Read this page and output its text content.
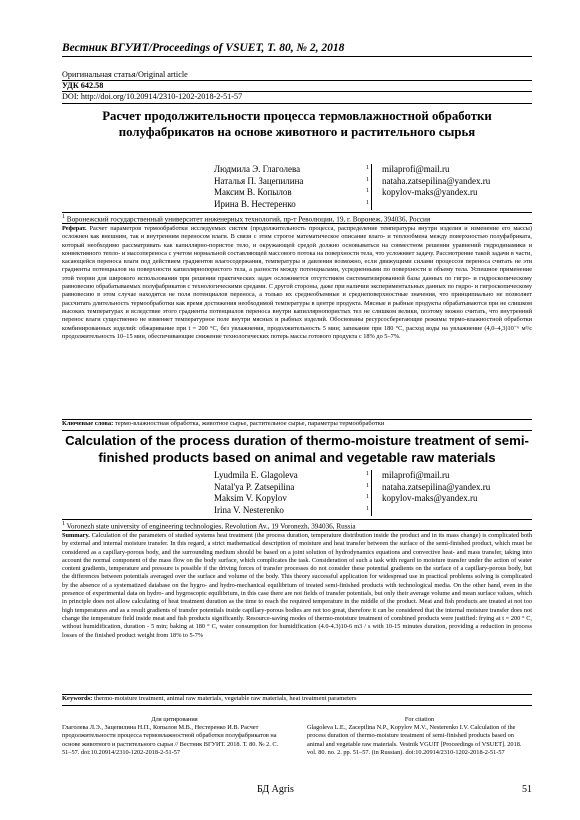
Вестник ВГУИТ/Proceedings of VSUET, Т. 80, № 2, 2018
Оригинальная статья/Original article
УДК 642.58
DOI: http://doi.org/10.20914/2310-1202-2018-2-51-57
Расчет продолжительности процесса термовлажностной обработки полуфабрикатов на основе животного и растительного сырья
Людмила Э. Глаголева	1	milaprofi@mail.ru
Наталья П. Зацепилина	1	nataha.zatsepilina@yandex.ru
Максим В. Копылов	1	kopylov-maks@yandex.ru
Ирина В. Нестеренко	1
$^1$ Воронежский государственный университет инженерных технологий, пр-т Революции, 19, г. Воронеж, 394036, Россия
Реферат. Расчет параметров термообработки исследуемых систем (продолжительность процесса, распределение температуры внутри изделия и изменение его массы) осложнен как внешним, так и внутренним переносом влаги. В связи с этим строгое математическое описание влаго- и теплообмена между поверхностью полуфабриката, который необходимо рассматривать как капиллярно-пористое тело, и окружающей средой должно основываться на совместном решении уравнений гидродинамики и конвективного тепло- и массопереноса с учетом нормальной составляющей массового потока на поверхности тела, что усложняет задачу. Рассмотрение такой задачи в части, касающейся переноса влаги под действием градиентов влагосодержания, температуры и давления возможно, если движущими силами процессов переноса считать не эти градиенты потенциалов на поверхности капиллярнопористого тела, а разности между потенциалами, усредненными по поверхности и объему тела. Успешное применение этой теории для широкого использования при решении практических задач осложняется отсутствием систематизированной базы данных по гигро- и гидроскопическому равновесию обрабатываемых полуфабрикатов с технологическими средами. С другой стороны, даже при наличии экспериментальных данных по гидро- и гигроскопическому равновесию в этом случае находятся не поля потенциалов переноса, а только их среднеобъемные и среднеповерхностные значения, что принципиально не позволяет рассчитать длительность термообработки как время достижения необходимой температуры в центре продукта. Мясные и рыбные продукты обрабатываются при не слишком высоких температурах и вследствие этого градиенты потенциалов переноса внутри капиллярнопористых тел не слишком велики, поэтому можно считать, что внутренний перенос влаги существенно не изменяет температурное поле внутри мясных и рыбных изделий. Обоснованы ресурсосберегающие режимы термо-влажностной обработки комбинированных изделий: обжаривание при t = 200 °С, без увлажнения, продолжительность 5 мин; запекание при 180 °С, расход воды на увлажнение (4,0–4,3)10⁻⁶ м³/с продолжительность 10–15 мин, обеспечивающие снижение технологических потерь массы готового продукта с 18% до 5–7%.
Ключевые слова: термо-влажностная обработка, животное сырье, растительное сырье, параметры термообработки
Calculation of the process duration of thermo-moisture treatment of semi-finished products based on animal and vegetable raw materials
Lyudmila E. Glagoleva	1	milaprofi@mail.ru
Natal'ya P. Zatsepilina	1	nataha.zatsepilina@yandex.ru
Maksim V. Kopylov	1	kopylov-maks@yandex.ru
Irina V. Nesterenko	1
$^1$ Voronezh state university of engineering technologies, Revolution Av., 19 Voronezh, 394036, Russia
Summary. Calculation of the parameters of studied systems heat treatment (the process duration, temperature distribution inside the product and in its mass change) is complicated both by external and internal moisture transfer. In this regard, a strict mathematical description of moisture and heat transfer between the surface of the semi-finished product, which must be considered as a capillary-porous body, and the surrounding medium should be based on a joint solution of hydrodynamics equations and convective heat- and mass transfer, taking into account the normal component of the mass flow on the body surface, which complicates the task. Consideration of such a task with regard to moisture transfer under the action of water content gradients, temperature and pressure is possible if the driving forces of transfer processes do not consider these potential gradients on the surface of a capillary-porous body, but the differences between potentials averaged over the surface and volume of the body. This theory successful application for widespread use in practical problems solving is complicated by the absence of a systematized database on the hygro- and hydro-mechanical equilibrium of treated semi-finished products with technological media. On the other hand, even in the presence of experimental data on hydro- and hygroscopic equilibrium, in this case there are not fields of transfer potentials, but only their average volume and mean surface values, which in principle does not allow calculating of heat treatment duration as the time to reach the required temperature in the middle of the product. Meat and fish products are treated at not too high temperatures and as a result gradients of transfer potentials inside capillary-porous bodies are not too great, therefore it can be considered that the internal moisture transfer does not change the temperature field inside meat and fish products significantly. Resource-saving modes of thermo-moisture treatment of combined products were justified: frying at t = 200 ° C, without humidification, duration - 5 min; baking at 180 ° C, water consumption for humidification (4.0-4.3)10-6 m3 / s with 10-15 minutes duration, providing a reduction in process losses of the finished product weight from 18% to 5-7%
Keywords: thermo-moisture treatment, animal raw materials, vegetable raw materials, heat treatment parameters
Для цитирования
Глаголева Л.Э., Зацепилина Н.П., Копылов М.В., Нестеренко И.В. Расчет продолжительности процесса термовлажностной обработки полуфабрикатов на основе животного и растительного сырья // Вестник ВГУИТ. 2018. Т. 80. № 2. С. 51–57. doi:10.20914/2310-1202-2018-2-51-57
For citation
Glagoleva L.E., Zacepilina N.P., Kopylov M.V., Nesterenko I.V. Calculation of the process duration of thermo-moisture treatment of semi-finished products based on animal and vegetable raw materials. Vestnik VGUIT [Proceedings of VSUET]. 2018. vol. 80. no. 2. pp. 51–57. (in Russian). doi:10.20914/2310-1202-2018-2-51-57
БД Agris	51
